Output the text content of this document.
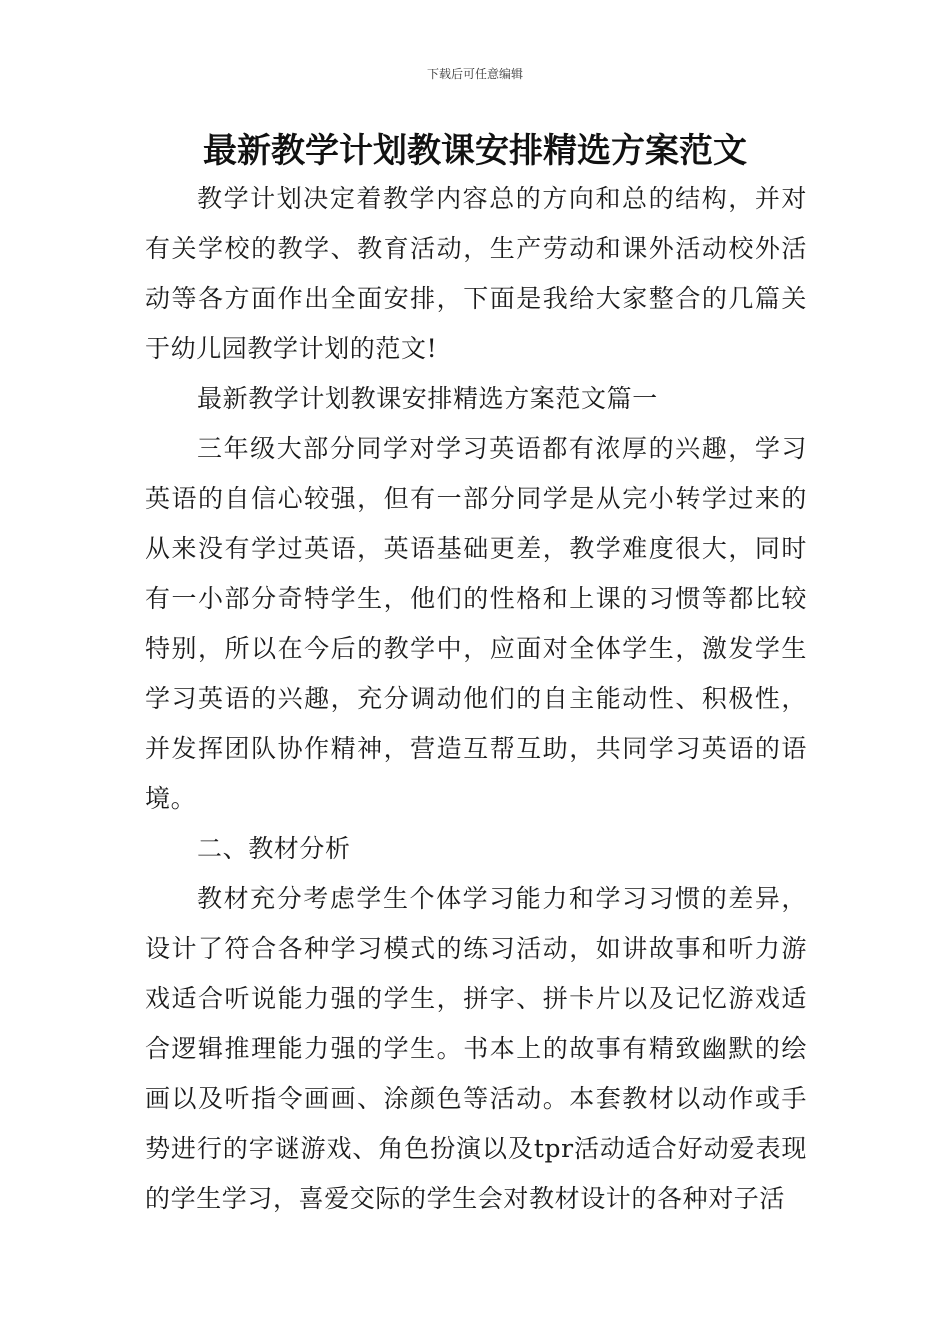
下载后可任意编辑
最新教学计划教课安排精选方案范文

教学计划决定着教学内容总的方向和总的结构，并对有关学校的教学、教育活动，生产劳动和课外活动校外活动等各方面作出全面安排，下面是我给大家整合的几篇关于幼儿园教学计划的范文!

最新教学计划教课安排精选方案范文篇一

三年级大部分同学对学习英语都有浓厚的兴趣，学习英语的自信心较强，但有一部分同学是从完小转学过来的从来没有学过英语，英语基础更差，教学难度很大，同时有一小部分奇特学生，他们的性格和上课的习惯等都比较特别，所以在今后的教学中，应面对全体学生，激发学生学习英语的兴趣，充分调动他们的自主能动性、积极性，并发挥团队协作精神，营造互帮互助，共同学习英语的语境。

二、教材分析

教材充分考虑学生个体学习能力和学习习惯的差异，设计了符合各种学习模式的练习活动，如讲故事和听力游戏适合听说能力强的学生，拼字、拼卡片以及记忆游戏适合逻辑推理能力强的学生。书本上的故事有精致幽默的绘画以及听指令画画、涂颜色等活动。本套教材以动作或手势进行的字谜游戏、角色扮演以及tpr活动适合好动爱表现的学生学习，喜爱交际的学生会对教材设计的各种对子活
